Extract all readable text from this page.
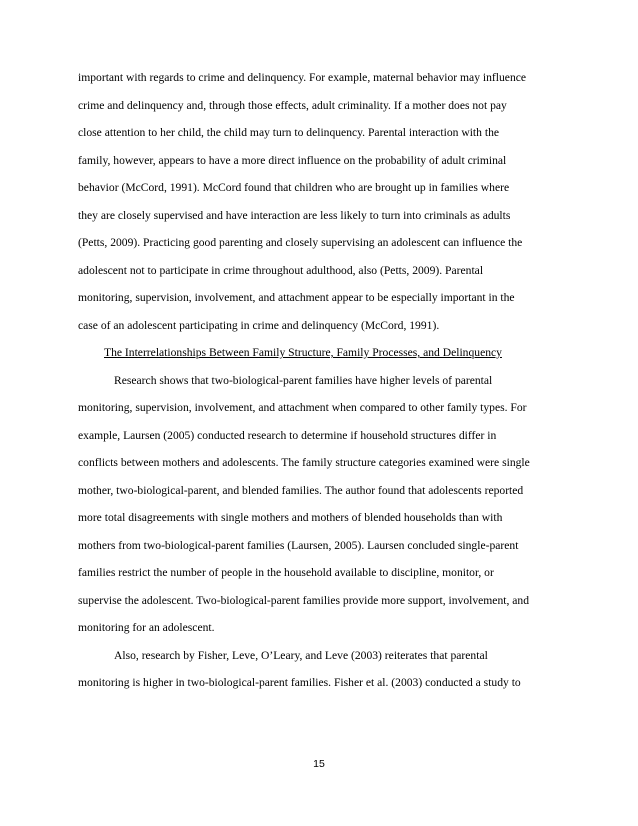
important with regards to crime and delinquency. For example, maternal behavior may influence
crime and delinquency and, through those effects, adult criminality. If a mother does not pay
close attention to her child, the child may turn to delinquency. Parental interaction with the
family, however, appears to have a more direct influence on the probability of adult criminal
behavior (McCord, 1991). McCord found that children who are brought up in families where
they are closely supervised and have interaction are less likely to turn into criminals as adults
(Petts, 2009). Practicing good parenting and closely supervising an adolescent can influence the
adolescent not to participate in crime throughout adulthood, also (Petts, 2009). Parental
monitoring, supervision, involvement, and attachment appear to be especially important in the
case of an adolescent participating in crime and delinquency (McCord, 1991).
The Interrelationships Between Family Structure, Family Processes, and Delinquency
Research shows that two-biological-parent families have higher levels of parental
monitoring, supervision, involvement, and attachment when compared to other family types. For
example, Laursen (2005) conducted research to determine if household structures differ in
conflicts between mothers and adolescents. The family structure categories examined were single
mother, two-biological-parent, and blended families. The author found that adolescents reported
more total disagreements with single mothers and mothers of blended households than with
mothers from two-biological-parent families (Laursen, 2005). Laursen concluded single-parent
families restrict the number of people in the household available to discipline, monitor, or
supervise the adolescent. Two-biological-parent families provide more support, involvement, and
monitoring for an adolescent.
Also, research by Fisher, Leve, O’Leary, and Leve (2003) reiterates that parental
monitoring is higher in two-biological-parent families. Fisher et al. (2003) conducted a study to
15
